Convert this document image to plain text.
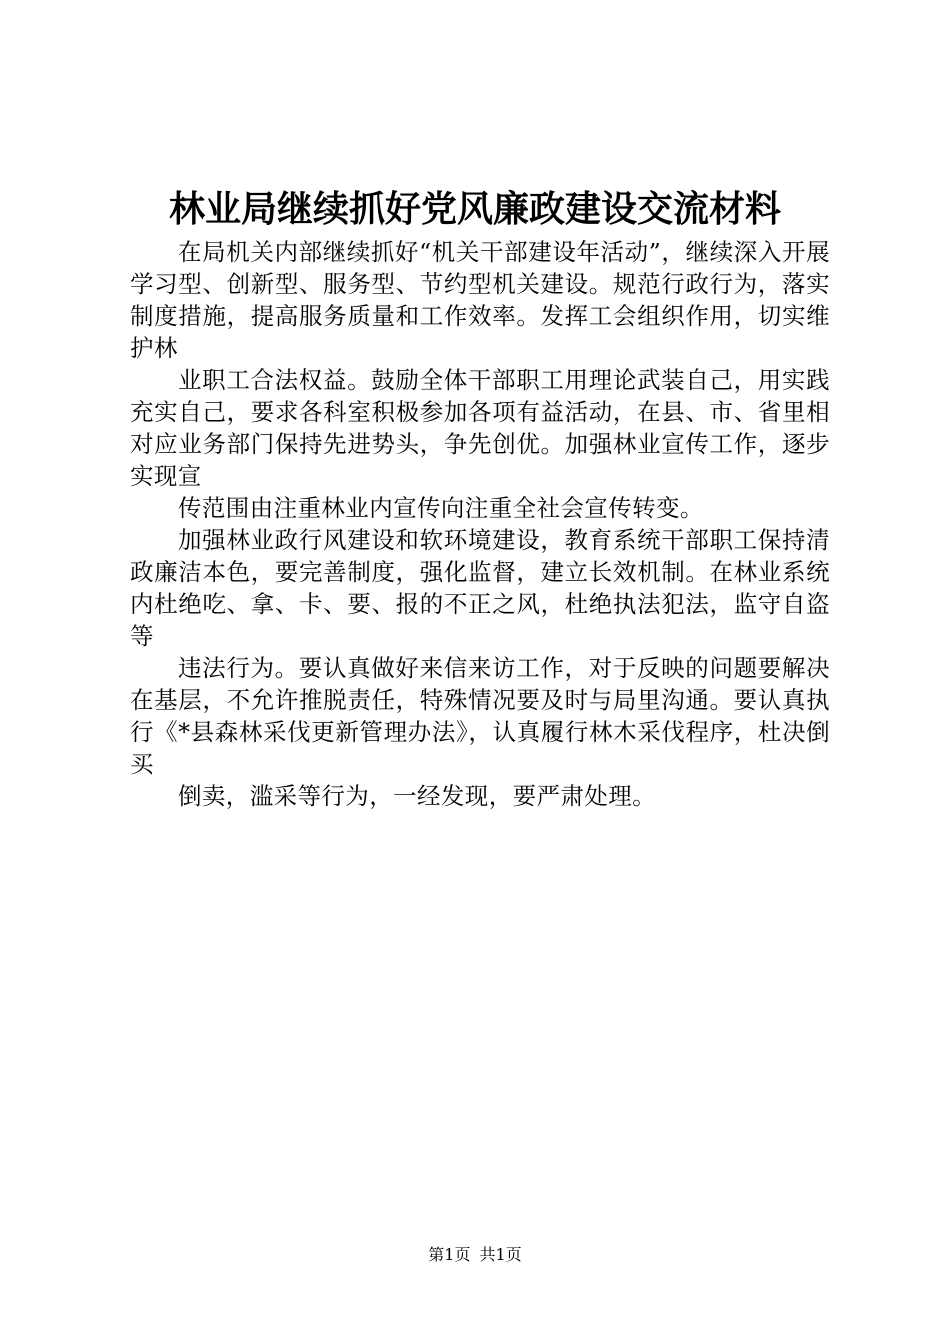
林业局继续抓好党风廉政建设交流材料

在局机关内部继续抓好“机关干部建设年活动”，继续深入开展学习型、创新型、服务型、节约型机关建设。规范行政行为，落实制度措施，提高服务质量和工作效率。发挥工会组织作用，切实维护林

业职工合法权益。鼓励全体干部职工用理论武装自己，用实践充实自己，要求各科室积极参加各项有益活动，在县、市、省里相对应业务部门保持先进势头，争先创优。加强林业宣传工作，逐步实现宣

传范围由注重林业内宣传向注重全社会宣传转变。

加强林业政行风建设和软环境建设，教育系统干部职工保持清政廉洁本色，要完善制度，强化监督，建立长效机制。在林业系统内杜绝吃、拿、卡、要、报的不正之风，杜绝执法犯法，监守自盗等

违法行为。要认真做好来信来访工作，对于反映的问题要解决在基层，不允许推脱责任，特殊情况要及时与局里沟通。要认真执行《*县森林采伐更新管理办法》，认真履行林木采伐程序，杜决倒买

倒卖，滥采等行为，一经发现，要严肃处理。

第1页 共1页
